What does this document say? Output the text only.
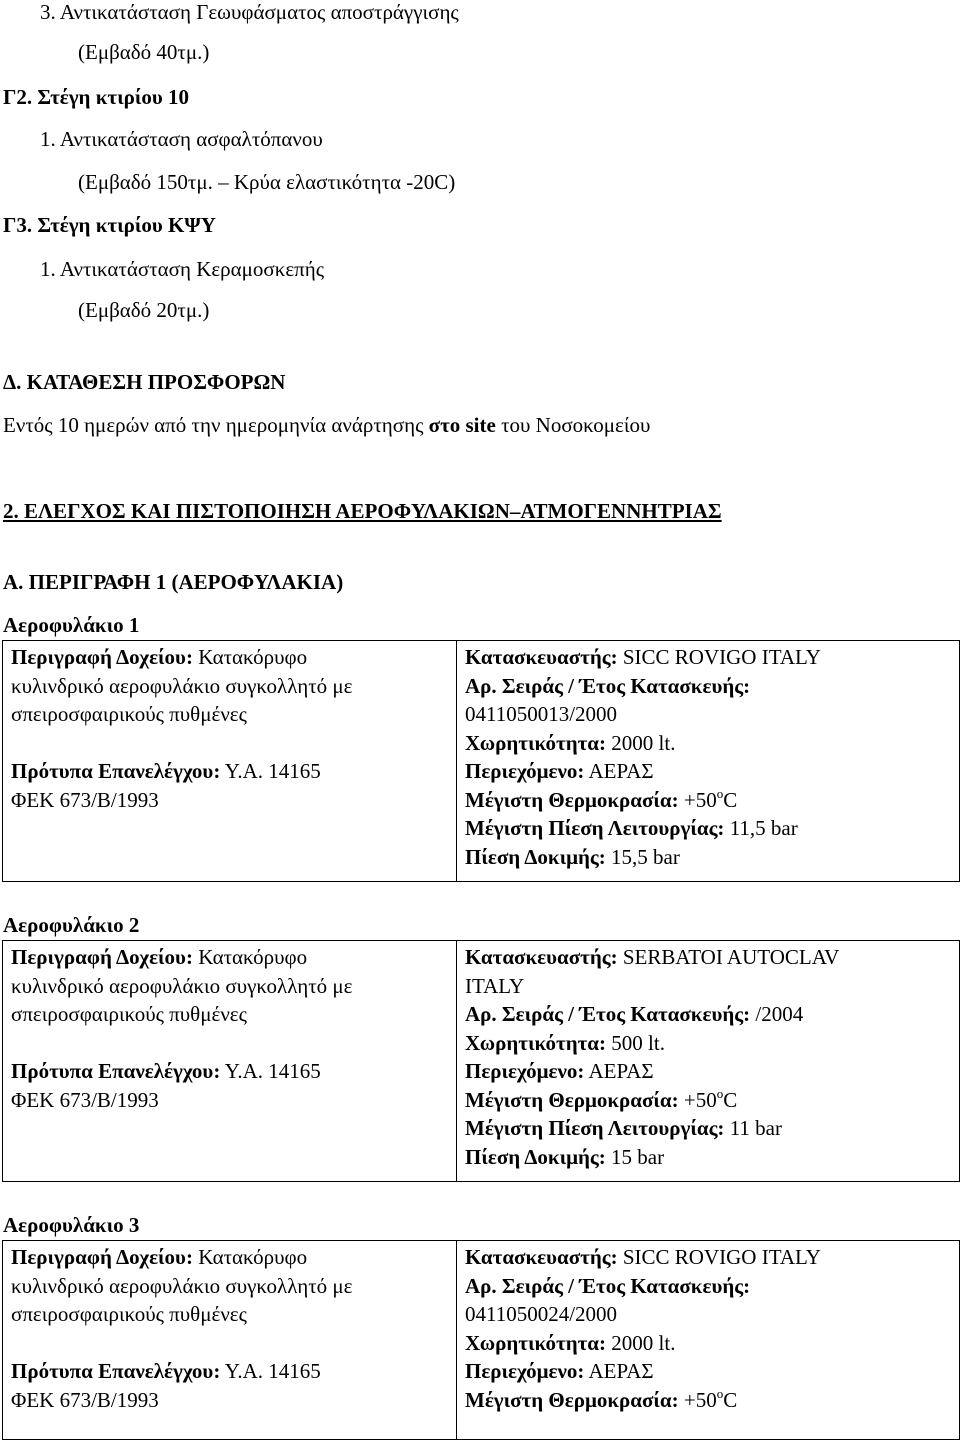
3. Αντικατάσταση Γεωυφάσματος αποστράγγισης
(Εμβαδό 40τμ.)
Γ2. Στέγη κτιρίου 10
1. Αντικατάσταση ασφαλτόπανου
(Εμβαδό 150τμ. – Κρύα ελαστικότητα -20C)
Γ3. Στέγη κτιρίου ΚΨΥ
1. Αντικατάσταση Κεραμοσκεπής
(Εμβαδό 20τμ.)
Δ. ΚΑΤΑΘΕΣΗ ΠΡΟΣΦΟΡΩΝ
Εντός 10 ημερών από την ημερομηνία ανάρτησης στο site του Νοσοκομείου
2. ΕΛΕΓΧΟΣ ΚΑΙ ΠΙΣΤΟΠΟΙΗΣΗ ΑΕΡΟΦΥΛΑΚΙΩΝ–ΑΤΜΟΓΕΝΝΗΤΡΙΑΣ
Α. ΠΕΡΙΓΡΑΦΗ 1 (ΑΕΡΟΦΥΛΑΚΙΑ)
Αεροφυλάκιο 1
Περιγραφή Δοχείου: Κατακόρυφο
κυλινδρικό αεροφυλάκιο συγκολλητό με
σπειροσφαιρικούς πυθμένες
Πρότυπα Επανελέγχου: Υ.Α. 14165
ΦΕΚ 673/Β/1993

Κατασκευαστής: SICC ROVIGO ITALY
Αρ. Σειράς / Έτος Κατασκευής:
0411050013/2000
Χωρητικότητα: 2000 lt.
Περιεχόμενο: ΑΕΡΑΣ
Μέγιστη Θερμοκρασία: $+50^oC$
Μέγιστη Πίεση Λειτουργίας: 11,5 bar
Πίεση Δοκιμής: 15,5 bar
Αεροφυλάκιο 2
Περιγραφή Δοχείου: Κατακόρυφο
κυλινδρικό αεροφυλάκιο συγκολλητό με
σπειροσφαιρικούς πυθμένες
Πρότυπα Επανελέγχου: Υ.Α. 14165
ΦΕΚ 673/Β/1993

Κατασκευαστής: SERBATOI AUTOCLAV
ITALY
Αρ. Σειράς / Έτος Κατασκευής: /2004
Χωρητικότητα: 500 lt.
Περιεχόμενο: ΑΕΡΑΣ
Μέγιστη Θερμοκρασία: $+50^oC$
Μέγιστη Πίεση Λειτουργίας: 11 bar
Πίεση Δοκιμής: 15 bar
Αεροφυλάκιο 3
Περιγραφή Δοχείου: Κατακόρυφο
κυλινδρικό αεροφυλάκιο συγκολλητό με
σπειροσφαιρικούς πυθμένες
Πρότυπα Επανελέγχου: Υ.Α. 14165
ΦΕΚ 673/Β/1993

Κατασκευαστής: SICC ROVIGO ITALY
Αρ. Σειράς / Έτος Κατασκευής:
0411050024/2000
Χωρητικότητα: 2000 lt.
Περιεχόμενο: ΑΕΡΑΣ
Μέγιστη Θερμοκρασία: $+50^oC$
